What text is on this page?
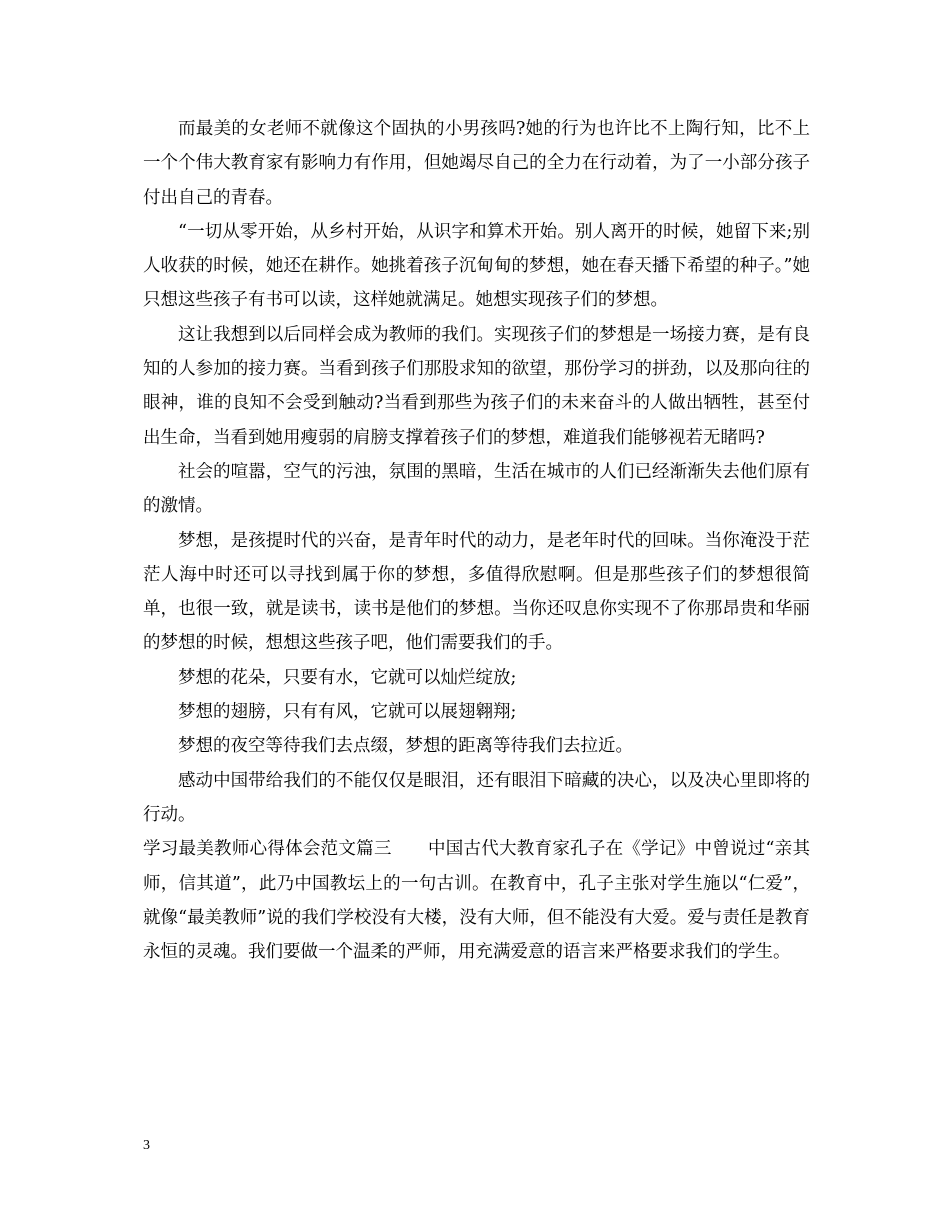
而最美的女老师不就像这个固执的小男孩吗?她的行为也许比不上陶行知，比不上一个个伟大教育家有影响力有作用，但她竭尽自己的全力在行动着，为了一小部分孩子付出自己的青春。

“一切从零开始，从乡村开始，从识字和算术开始。别人离开的时候，她留下来;别人收获的时候，她还在耕作。她挑着孩子沉甸甸的梦想，她在春天播下希望的种子。”她只想这些孩子有书可以读，这样她就满足。她想实现孩子们的梦想。

这让我想到以后同样会成为教师的我们。实现孩子们的梦想是一场接力赛，是有良知的人参加的接力赛。当看到孩子们那股求知的欲望，那份学习的拼劲，以及那向往的眼神，谁的良知不会受到触动?当看到那些为孩子们的未来奋斗的人做出牺牲，甚至付出生命，当看到她用瘦弱的肩膀支撑着孩子们的梦想，难道我们能够视若无睹吗?

社会的喧嚣，空气的污浊，氛围的黑暗，生活在城市的人们已经渐渐失去他们原有的激情。

梦想，是孩提时代的兴奋，是青年时代的动力，是老年时代的回味。当你淹没于茫茫人海中时还可以寻找到属于你的梦想，多值得欣慰啊。但是那些孩子们的梦想很简单，也很一致，就是读书，读书是他们的梦想。当你还叹息你实现不了你那昂贵和华丽的梦想的时候，想想这些孩子吧，他们需要我们的手。

梦想的花朵，只要有水，它就可以灿烂绽放;

梦想的翅膀，只有有风，它就可以展翅翱翔;

梦想的夜空等待我们去点缀，梦想的距离等待我们去拉近。

感动中国带给我们的不能仅仅是眼泪，还有眼泪下暗藏的决心，以及决心里即将的行动。

学习最美教师心得体会范文篇三 中国古代大教育家孔子在《学记》中曾说过“亲其师，信其道”，此乃中国教坛上的一句古训。在教育中，孔子主张对学生施以“仁爱”，就像“最美教师”说的我们学校没有大楼，没有大师，但不能没有大爱。爱与责任是教育永恒的灵魂。我们要做一个温柔的严师，用充满爱意的语言来严格要求我们的学生。

3
